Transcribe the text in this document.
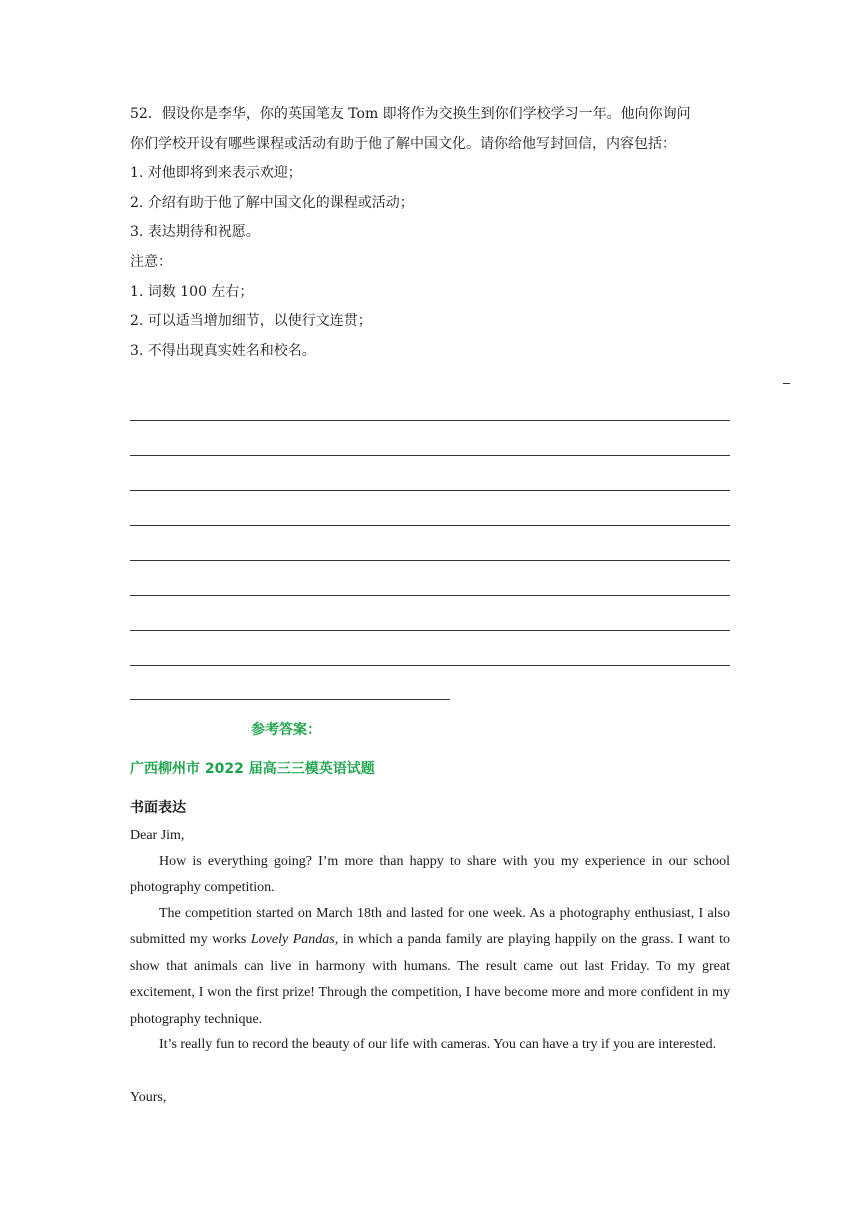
52．假设你是李华，你的英国笔友 Tom 即将作为交换生到你们学校学习一年。他向你询问
你们学校开设有哪些课程或活动有助于他了解中国文化。请你给他写封回信，内容包括：
1. 对他即将到来表示欢迎；
2. 介绍有助于他了解中国文化的课程或活动；
3. 表达期待和祝愿。
注意：
1. 词数 100 左右；
2. 可以适当增加细节，以使行文连贯；
3. 不得出现真实姓名和校名。
参考答案：
广西柳州市 2022 届高三三模英语试题
书面表达
Dear Jim,
How is everything going? I’m more than happy to share with you my experience in our school photography competition.
The competition started on March 18th and lasted for one week. As a photography enthusiast, I also submitted my works Lovely Pandas, in which a panda family are playing happily on the grass. I want to show that animals can live in harmony with humans. The result came out last Friday. To my great excitement, I won the first prize! Through the competition, I have become more and more confident in my photography technique.
It’s really fun to record the beauty of our life with cameras. You can have a try if you are interested.
Yours,
